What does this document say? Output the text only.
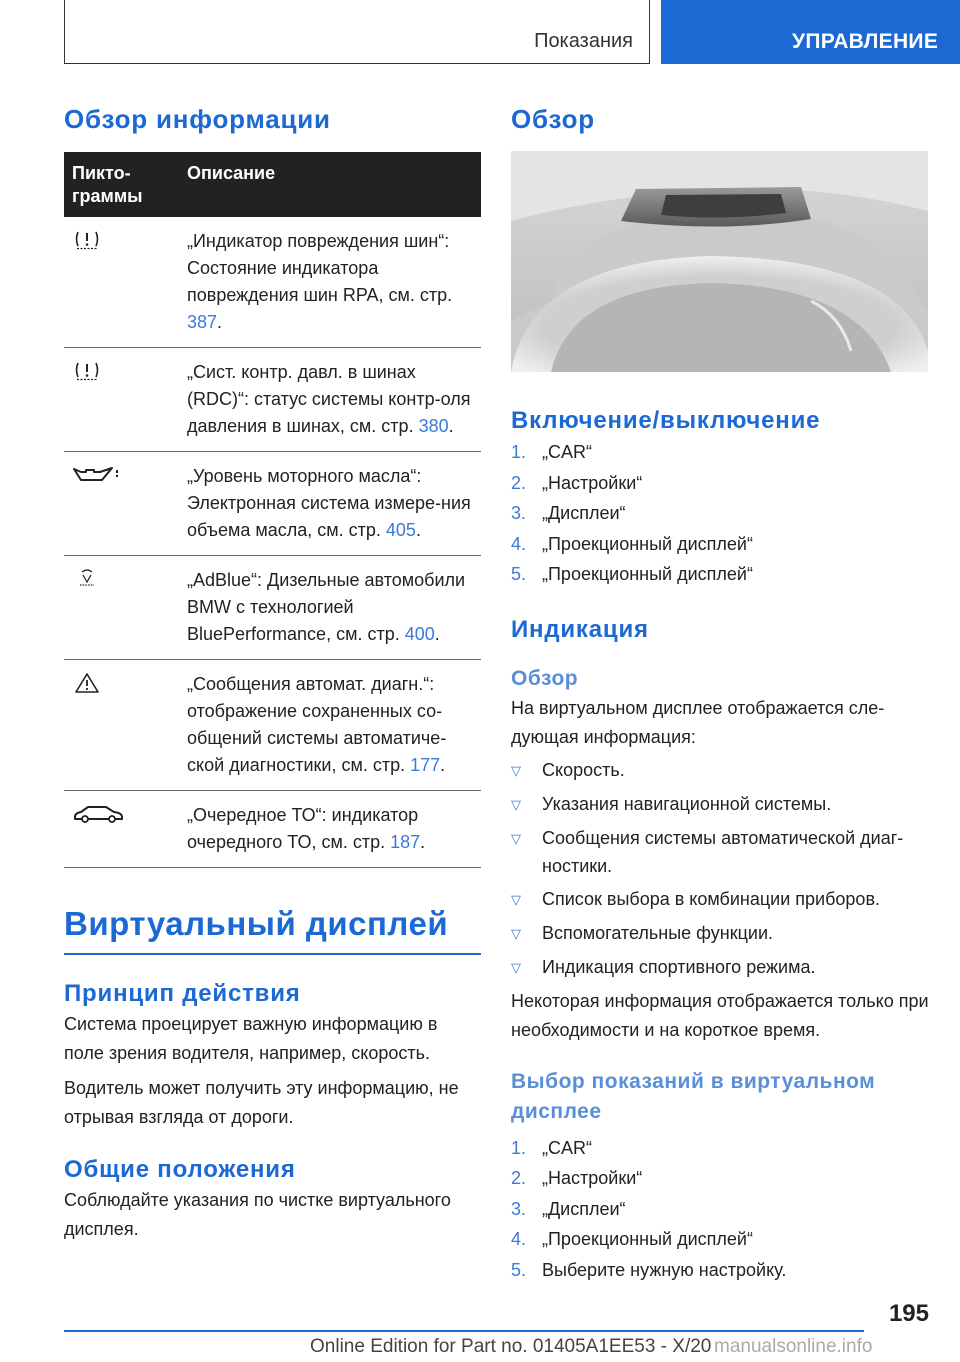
Показания	УПРАВЛЕНИЕ
Обзор информации
Пикто-
граммы	Описание
	„Индикатор повреждения шин“: Состояние индикатора повреждения шин RPA, см. стр. 387.
	„Сист. контр. давл. в шинах (RDC)“: статус системы контр-оля давления в шинах, см. стр. 380.
	„Уровень моторного масла“: Электронная система измере-ния объема масла, см. стр. 405.
	„AdBlue“: Дизельные автомобили BMW с технологией BluePerformance, см. стр. 400.
	„Сообщения автомат. диагн.“: отображение сохраненных со-общений системы автоматиче-ской диагностики, см. стр. 177.
	„Очередное ТО“: индикатор очередного ТО, см. стр. 187.
Виртуальный дисплей
Принцип действия

Система проецирует важную информацию в поле зрения водителя, например, скорость.

Водитель может получить эту информацию, не отрывая взгляда от дороги.

Общие положения

Соблюдайте указания по чистке виртуального дисплея.

Обзор
Включение/выключение
1. „CAR“
2. „Настройки“
3. „Дисплеи“
4. „Проекционный дисплей“
5. „Проекционный дисплей“
Индикация
Обзор

На виртуальном дисплее отображается сле-дующая информация:

▽	Скорость.
▽	Указания навигационной системы.
▽	Сообщения системы автоматической диаг-ностики.
▽	Список выбора в комбинации приборов.
▽	Вспомогательные функции.
▽	Индикация спортивного режима.

Некоторая информация отображается только при необходимости и на короткое время.

Выбор показаний в виртуальном дисплее
1. „CAR“
2. „Настройки“
3. „Дисплеи“
4. „Проекционный дисплей“
5. Выберите нужную настройку.
195
Online Edition for Part no. 01405A1EE53 - X/20 manualsonline.info
